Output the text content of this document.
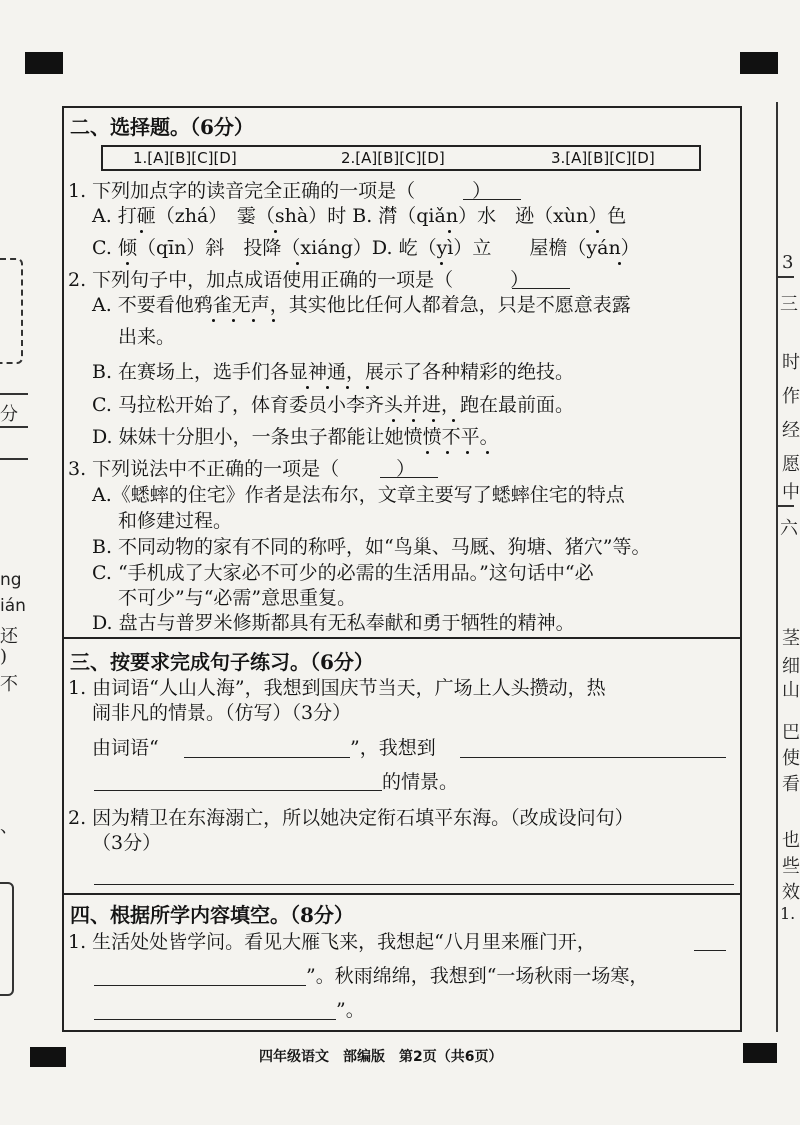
分
ng
ián
还
)
不
、
3
三
时
作
经
愿
中
六
茎
细
山
巴
使
看
也
些
效
1.
二、选择题。（6分）
1.[A][B][C][D]	2.[A][B][C][D]	3.[A][B][C][D]
1. 下列加点字的读音完全正确的一项是（　　　）
A. 打砸（zhá）　霎（shà）时 B. 潸（qiǎn）水　逊（xùn）色
C. 倾（qīn）斜　投降（xiáng）D. 屹（yì）立　　屋檐（yán）
2. 下列句子中，加点成语使用正确的一项是（　　　）
A. 不要看他鸦雀无声，其实他比任何人都着急，只是不愿意表露
出来。
B. 在赛场上，选手们各显神通，展示了各种精彩的绝技。
C. 马拉松开始了，体育委员小李齐头并进，跑在最前面。
D. 妹妹十分胆小，一条虫子都能让她愤愤不平。
3. 下列说法中不正确的一项是（　　　）
A.《蟋蟀的住宅》作者是法布尔，文章主要写了蟋蟀住宅的特点
和修建过程。
B. 不同动物的家有不同的称呼，如“鸟巢、马厩、狗塘、猪穴”等。
C. “手机成了大家必不可少的必需的生活用品。”这句话中“必
不可少”与“必需”意思重复。
D. 盘古与普罗米修斯都具有无私奉献和勇于牺牲的精神。
三、按要求完成句子练习。（6分）
1. 由词语“人山人海”，我想到国庆节当天，广场上人头攒动，热
闹非凡的情景。（仿写）（3分）
由词语“	”，我想到
的情景。
2. 因为精卫在东海溺亡，所以她决定衔石填平东海。（改成设问句）
（3分）
四、根据所学内容填空。（8分）
1. 生活处处皆学问。看见大雁飞来，我想起“八月里来雁门开，
”。秋雨绵绵，我想到“一场秋雨一场寒，
”。
四年级语文　部编版　第2页（共6页）
